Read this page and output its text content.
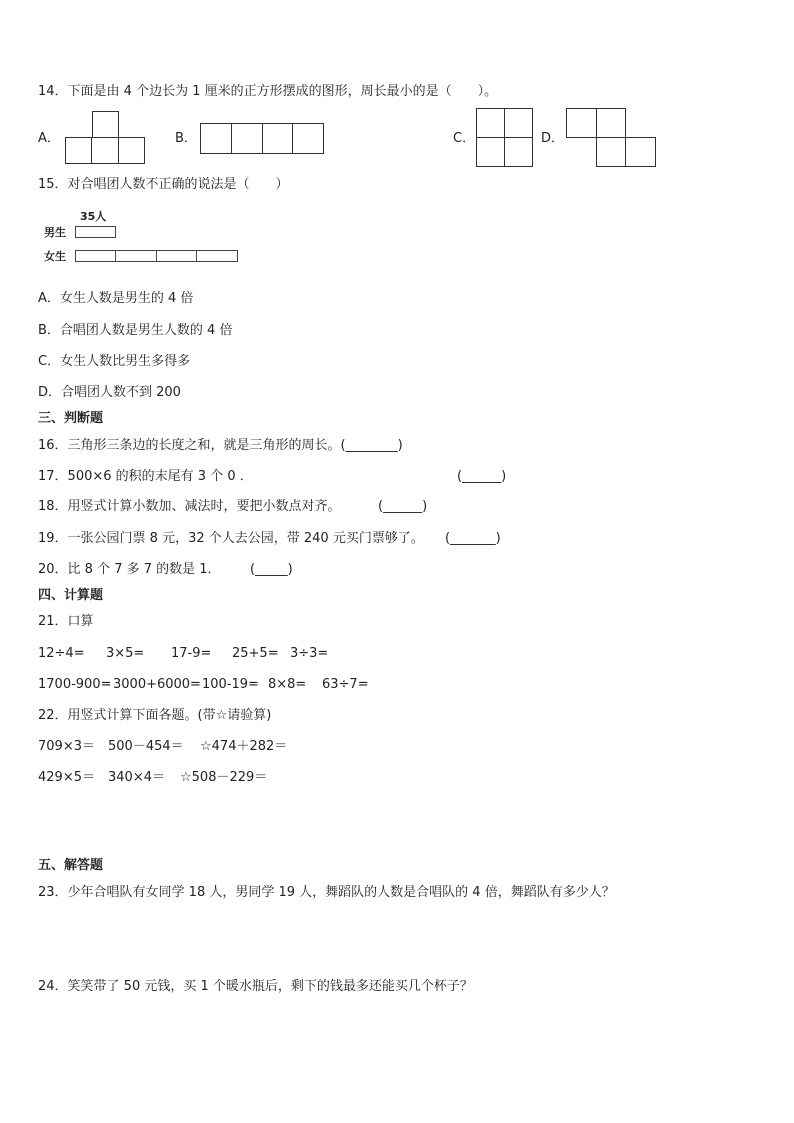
14．下面是由 4 个边长为 1 厘米的正方形摆成的图形，周长最小的是（　　）。
A．	B．	C．	D．
15．对合唱团人数不正确的说法是（　　）
35人
男生
女生
A．女生人数是男生的 4 倍
B．合唱团人数是男生人数的 4 倍
C．女生人数比男生多得多
D．合唱团人数不到 200
三、判断题
16．三角形三条边的长度之和，就是三角形的周长。(________)
17．500×6 的积的末尾有 3 个 0 ．	(______)
18．用竖式计算小数加、减法时，要把小数点对齐。	(______)
19．一张公园门票 8 元，32 个人去公园，带 240 元买门票够了。 (_______)
20．比 8 个 7 多 7 的数是 1． (_____)
四、计算题
21．口算
12÷4= 3×5= 17-9= 25+5= 3÷3=
1700-900= 3000+6000= 100-19= 8×8= 63÷7=
22．用竖式计算下面各题。(带☆请验算)
709×3＝ 500－454＝ ☆474＋282＝
429×5＝ 340×4＝ ☆508－229＝
五、解答题
23．少年合唱队有女同学 18 人，男同学 19 人，舞蹈队的人数是合唱队的 4 倍，舞蹈队有多少人？
24．笑笑带了 50 元钱，买 1 个暖水瓶后，剩下的钱最多还能买几个杯子？
